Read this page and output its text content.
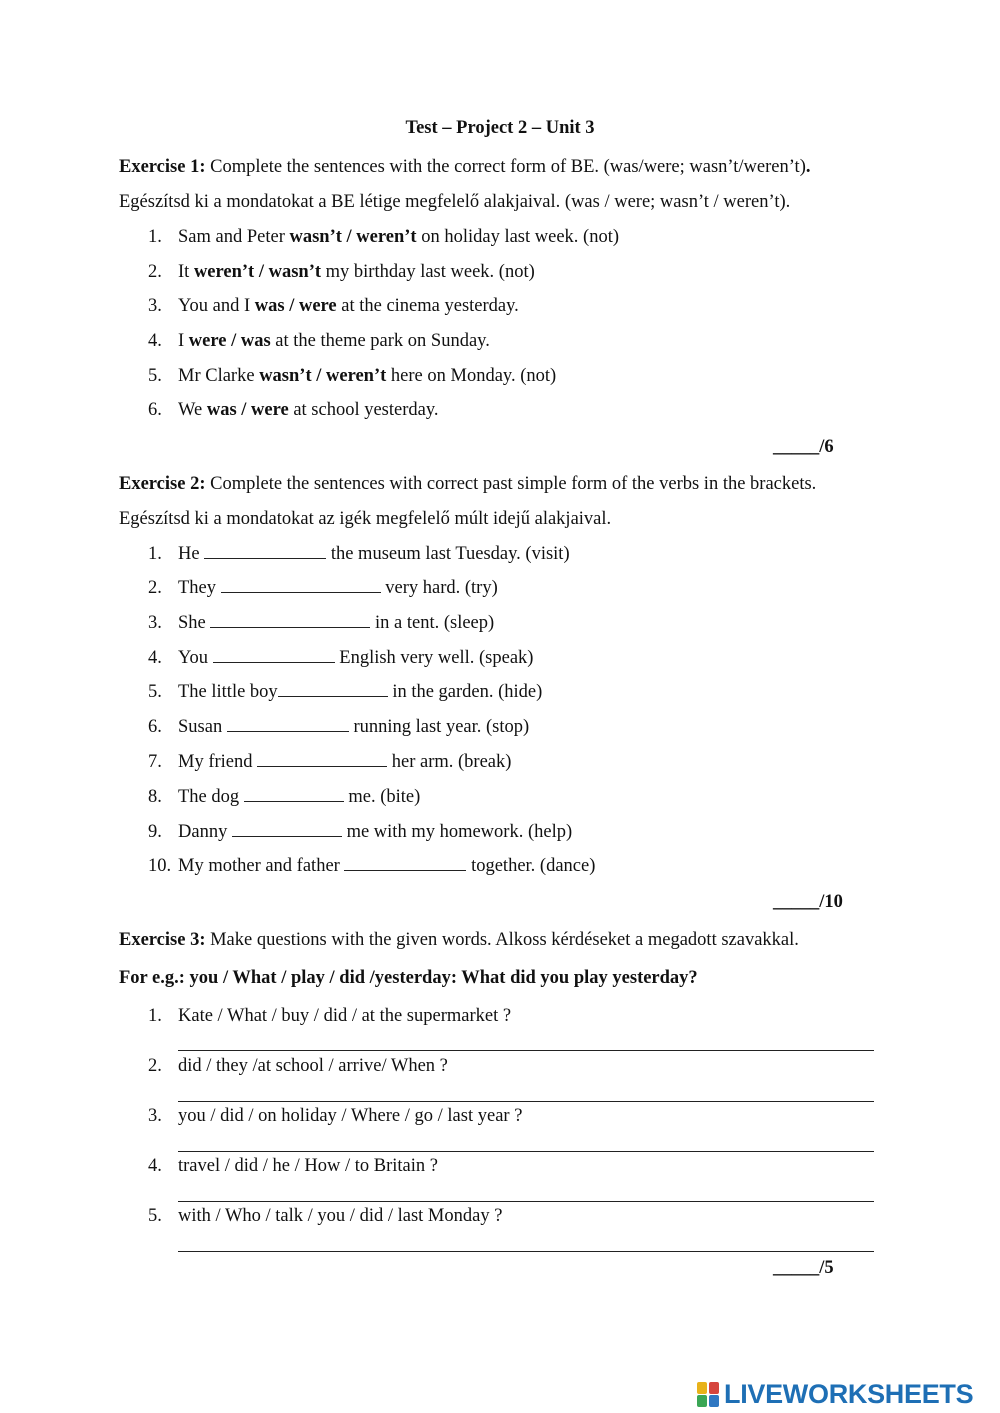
Test – Project 2 – Unit 3
Exercise 1: Complete the sentences with the correct form of BE. (was/were; wasn’t/weren’t).
Egészítsd ki a mondatokat a BE létige megfelelő alakjaival. (was / were; wasn’t / weren’t).
1. Sam and Peter wasn’t / weren’t on holiday last week. (not)
2. It weren’t / wasn’t my birthday last week. (not)
3. You and I was / were at the cinema yesterday.
4. I were / was at the theme park on Sunday.
5. Mr Clarke wasn’t / weren’t here on Monday. (not)
6. We was / were at school yesterday.
_____/6
Exercise 2: Complete the sentences with correct past simple form of the verbs in the brackets.
Egészítsd ki a mondatokat az igék megfelelő múlt idejű alakjaival.
1. He	the museum last Tuesday. (visit)
2. They	very hard. (try)
3. She	in a tent. (sleep)
4. You	English very well. (speak)
5. The little boy	in the garden. (hide)
6. Susan	running last year. (stop)
7. My friend	her arm. (break)
8. The dog	me. (bite)
9. Danny	me with my homework. (help)
10. My mother and father	together. (dance)
_____/10
Exercise 3: Make questions with the given words. Alkoss kérdéseket a megadott szavakkal.
For e.g.: you / What / play / did /yesterday: What did you play yesterday?
1. Kate / What / buy / did / at the supermarket ?
2. did / they /at school / arrive/ When ?
3. you / did / on holiday / Where / go / last year ?
4. travel / did / he / How / to Britain ?
5. with / Who / talk / you / did / last Monday ?
_____/5
LIVEWORKSHEETS
